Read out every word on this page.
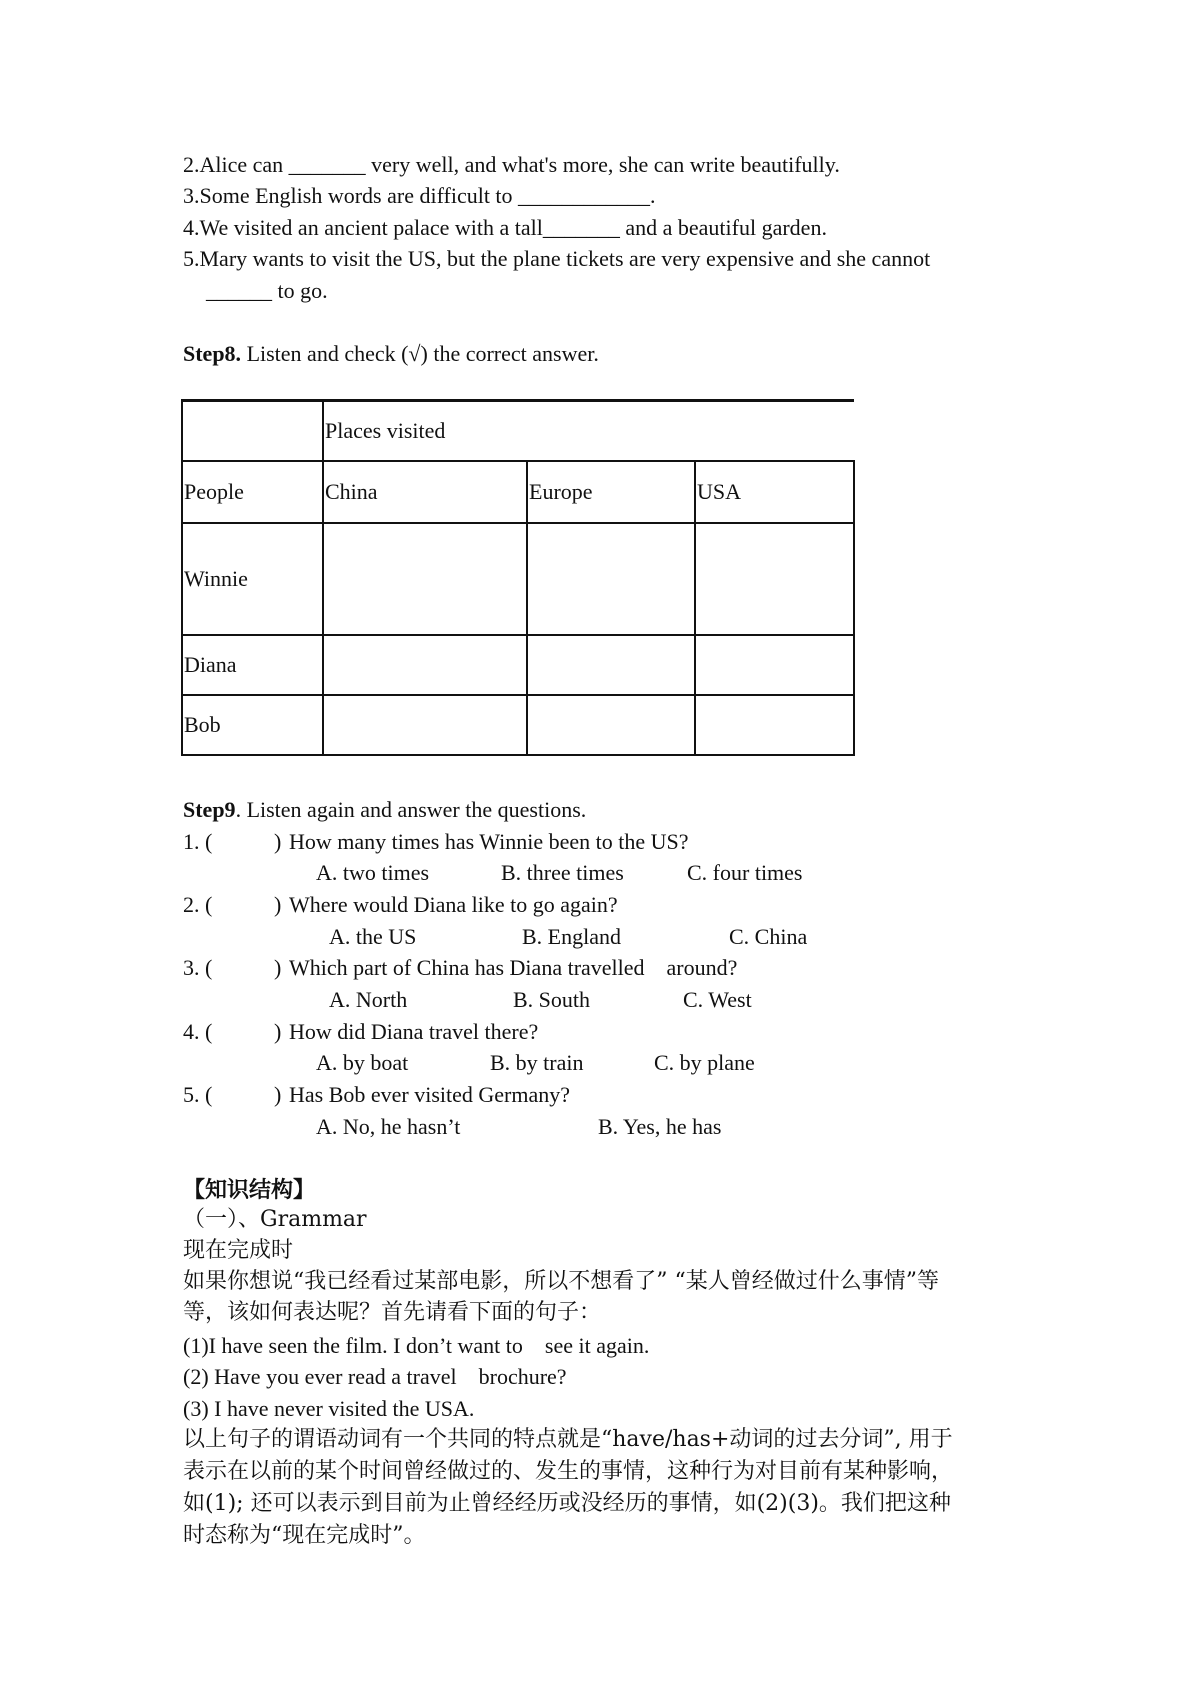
2.Alice can _______ very well, and what's more, she can write beautifully.
3.Some English words are difficult to ____________.
4.We visited an ancient palace with a tall_______ and a beautiful garden.
5.Mary wants to visit the US, but the plane tickets are very expensive and she cannot
______ to go.
Step8. Listen and check (√) the correct answer.
	Places visited		
People	China	Europe	USA
Winnie			
Diana			
Bob			
Step9. Listen again and answer the questions.
1. (	) How many times has Winnie been to the US?
A. two times	B. three times	C. four times
2. (	) Where would Diana like to go again?
A. the US	B. England	C. China
3. (	) Which part of China has Diana travelled    around?
A. North	B. South	C. West
4. (	) How did Diana travel there?
A. by boat	B. by train	C. by plane
5. (	) Has Bob ever visited Germany?
A. No, he hasn’t	B. Yes, he has
【知识结构】
（一）、Grammar
现在完成时
如果你想说“我已经看过某部电影，所以不想看了” “某人曾经做过什么事情”等
等，该如何表达呢？首先请看下面的句子：
(1)I have seen the film. I don’t want to    see it again.
(2) Have you ever read a travel    brochure?
(3) I have never visited the USA.
以上句子的谓语动词有一个共同的特点就是“have/has+动词的过去分词”, 用于
表示在以前的某个时间曾经做过的、发生的事情，这种行为对目前有某种影响，
如(1); 还可以表示到目前为止曾经经历或没经历的事情，如(2)(3)。我们把这种
时态称为“现在完成时”。
